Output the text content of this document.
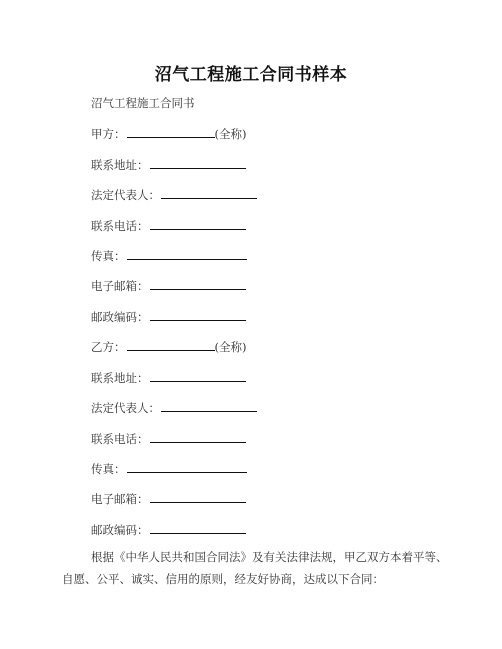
沼气工程施工合同书样本
沼气工程施工合同书
甲方：	(全称)
联系地址：
法定代表人：
联系电话：
传真：
电子邮箱：
邮政编码：
乙方：	(全称)
联系地址：
法定代表人：
联系电话：
传真：
电子邮箱：
邮政编码：
根据《中华人民共和国合同法》及有关法律法规，甲乙双方本着平等、自愿、公平、诚实、信用的原则，经友好协商，达成以下合同：
